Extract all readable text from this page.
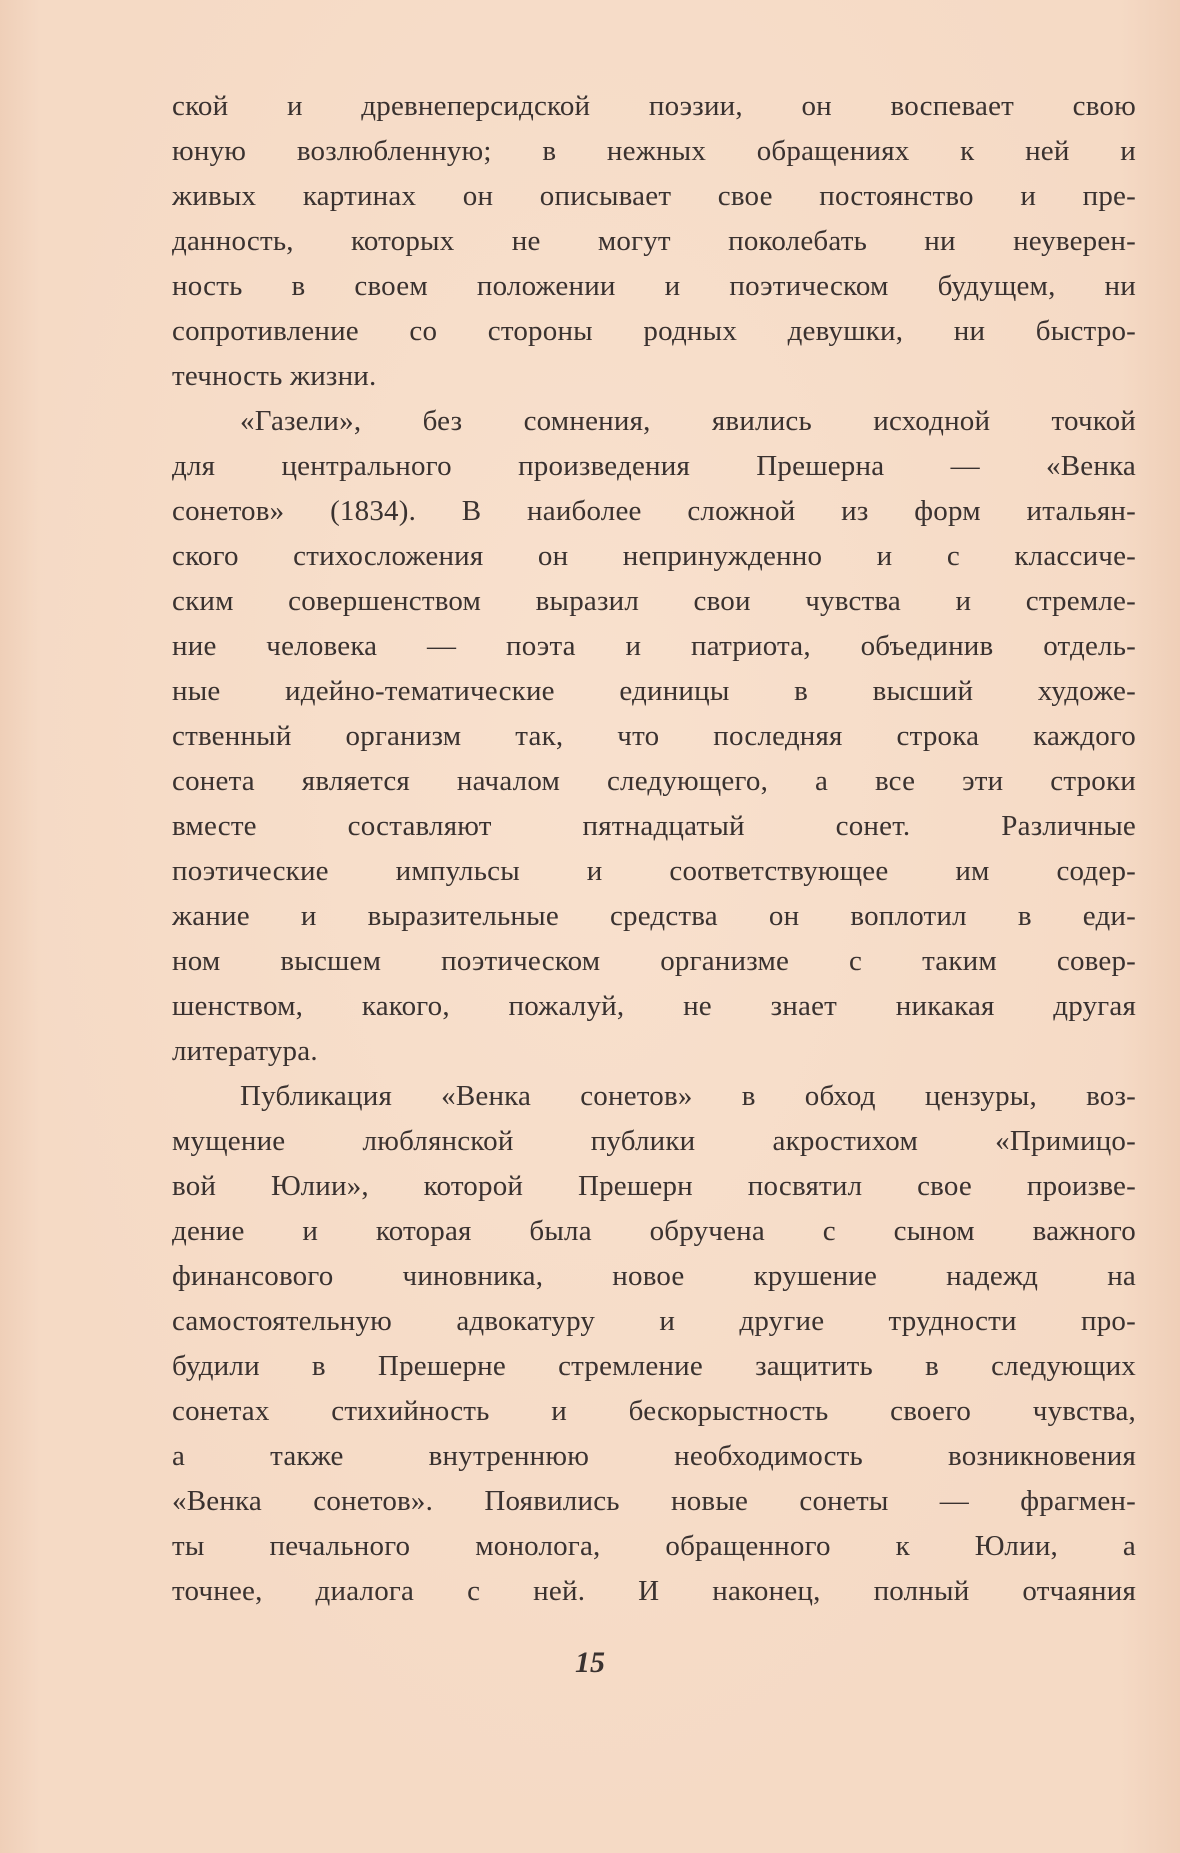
ской и древнеперсидской поэзии, он воспевает свою
юную возлюбленную; в нежных обращениях к ней и
живых картинах он описывает свое постоянство и пре-
данность, которых не могут поколебать ни неуверен-
ность в своем положении и поэтическом будущем, ни
сопротивление со стороны родных девушки, ни быстро-
течность жизни.
«Газели», без сомнения, явились исходной точкой
для центрального произведения Прешерна — «Венка
сонетов» (1834). В наиболее сложной из форм итальян-
ского стихосложения он непринужденно и с классиче-
ским совершенством выразил свои чувства и стремле-
ние человека — поэта и патриота, объединив отдель-
ные идейно-тематические единицы в высший художе-
ственный организм так, что последняя строка каждого
сонета является началом следующего, а все эти строки
вместе составляют пятнадцатый сонет. Различные
поэтические импульсы и соответствующее им содер-
жание и выразительные средства он воплотил в еди-
ном высшем поэтическом организме с таким совер-
шенством, какого, пожалуй, не знает никакая другая
литература.
Публикация «Венка сонетов» в обход цензуры, воз-
мущение люблянской публики акростихом «Примицо-
вой Юлии», которой Прешерн посвятил свое произве-
дение и которая была обручена с сыном важного
финансового чиновника, новое крушение надежд на
самостоятельную адвокатуру и другие трудности про-
будили в Прешерне стремление защитить в следующих
сонетах стихийность и бескорыстность своего чувства,
а также внутреннюю необходимость возникновения
«Венка сонетов». Появились новые сонеты — фрагмен-
ты печального монолога, обращенного к Юлии, а
точнее, диалога с ней. И наконец, полный отчаяния
15
